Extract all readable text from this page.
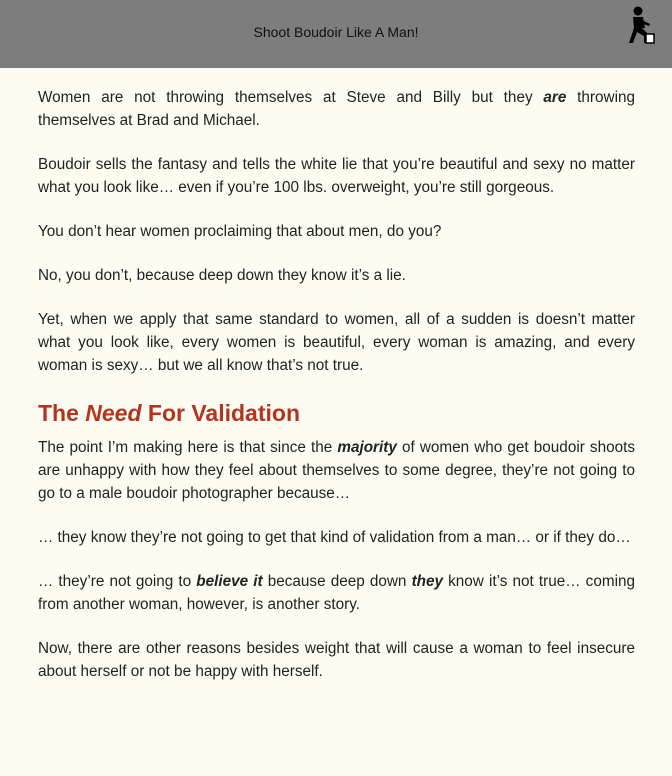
Shoot Boudoir Like A Man!

Women are not throwing themselves at Steve and Billy but they are throwing themselves at Brad and Michael.

Boudoir sells the fantasy and tells the white lie that you’re beautiful and sexy no matter what you look like… even if you’re 100 lbs. overweight, you’re still gorgeous.

You don’t hear women proclaiming that about men, do you?

No, you don’t, because deep down they know it’s a lie.

Yet, when we apply that same standard to women, all of a sudden is doesn’t matter what you look like, every women is beautiful, every woman is amazing, and every woman is sexy… but we all know that’s not true.

The Need For Validation

The point I’m making here is that since the majority of women who get boudoir shoots are unhappy with how they feel about themselves to some degree, they’re not going to go to a male boudoir photographer because…

… they know they’re not going to get that kind of validation from a man… or if they do…

… they’re not going to believe it because deep down they know it’s not true… coming from another woman, however, is another story.

Now, there are other reasons besides weight that will cause a woman to feel insecure about herself or not be happy with herself.
